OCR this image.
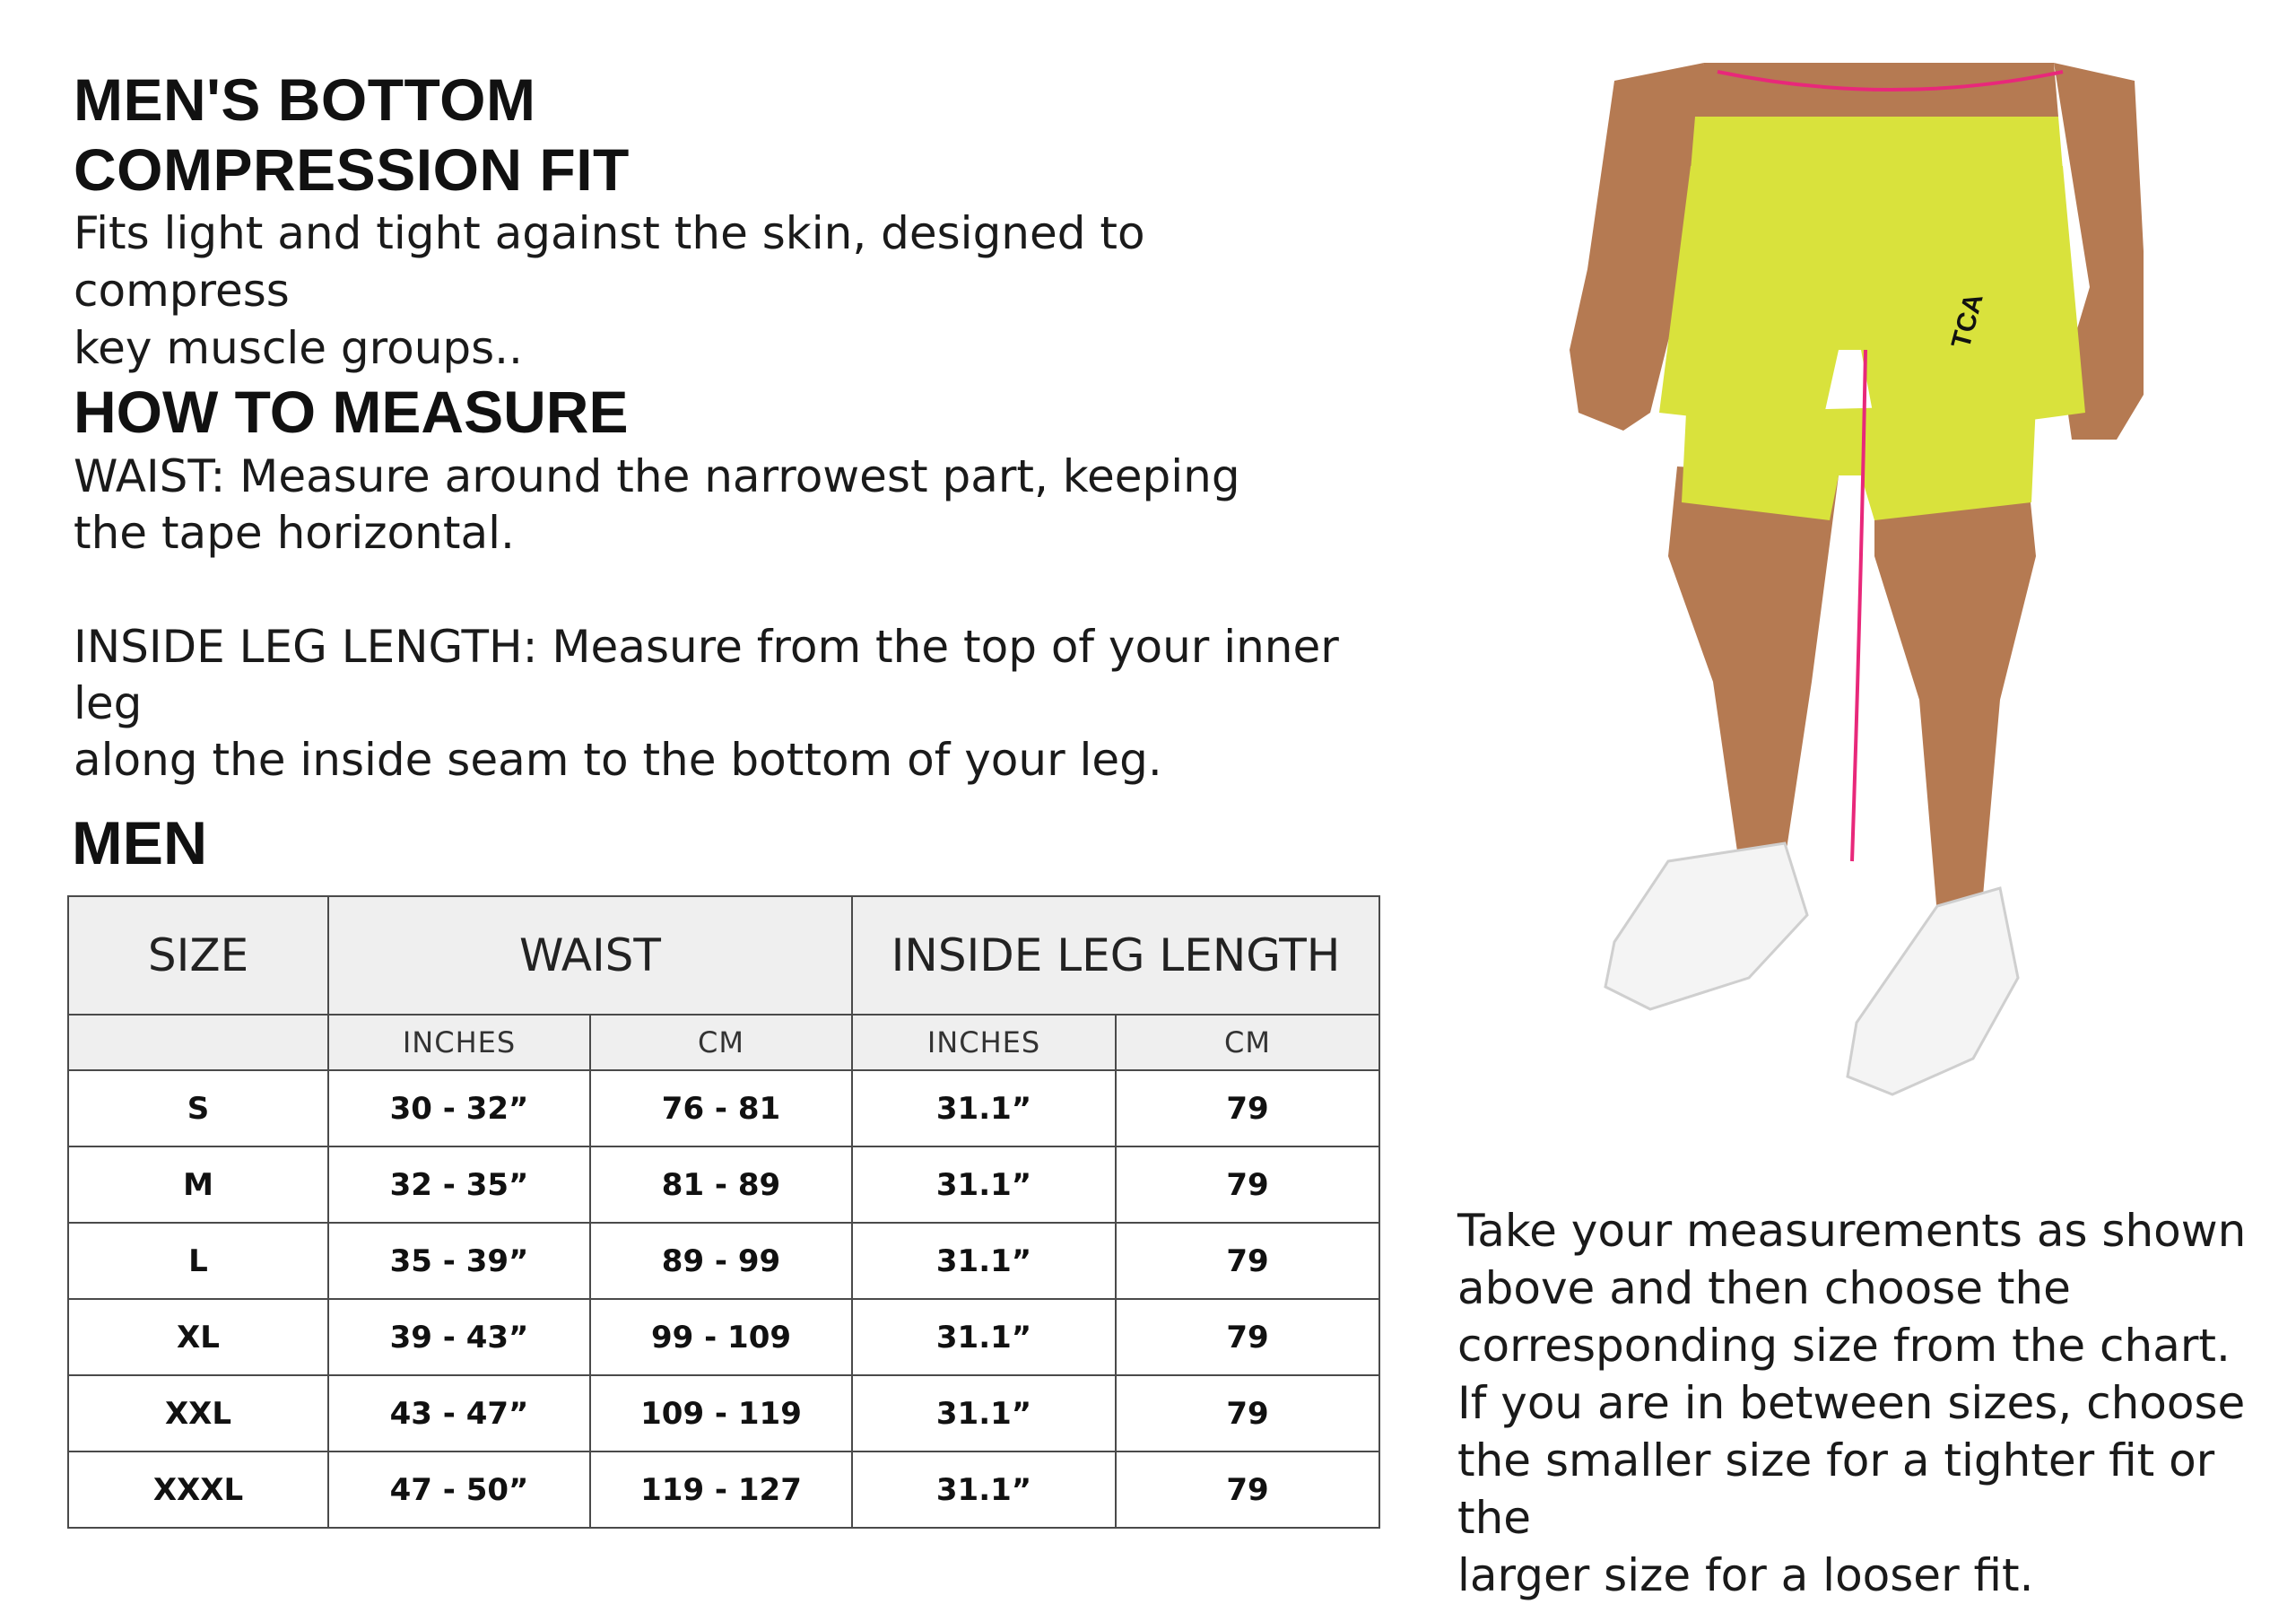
MEN'S BOTTOM
COMPRESSION FIT
Fits light and tight against the skin, designed to compress
key muscle groups..
HOW TO MEASURE
WAIST: Measure around the narrowest part, keeping
the tape horizontal.
INSIDE LEG LENGTH: Measure from the top of your inner leg
along the inside seam to the bottom of your leg.
MEN
SIZE	WAIST		INSIDE LEG LENGTH	
	INCHES	CM	INCHES	CM
S	30 - 32”	76 - 81	31.1”	79
M	32 - 35”	81 - 89	31.1”	79
L	35 - 39”	89 - 99	31.1”	79
XL	39 - 43”	99 - 109	31.1”	79
XXL	43 - 47”	109 - 119	31.1”	79
XXXL	47 - 50”	119 - 127	31.1”	79
TCA
Take your measurements as shown
above and then choose the
corresponding size from the chart.
If you are in between sizes, choose
the smaller size for a tighter fit or the
larger size for a looser fit.
